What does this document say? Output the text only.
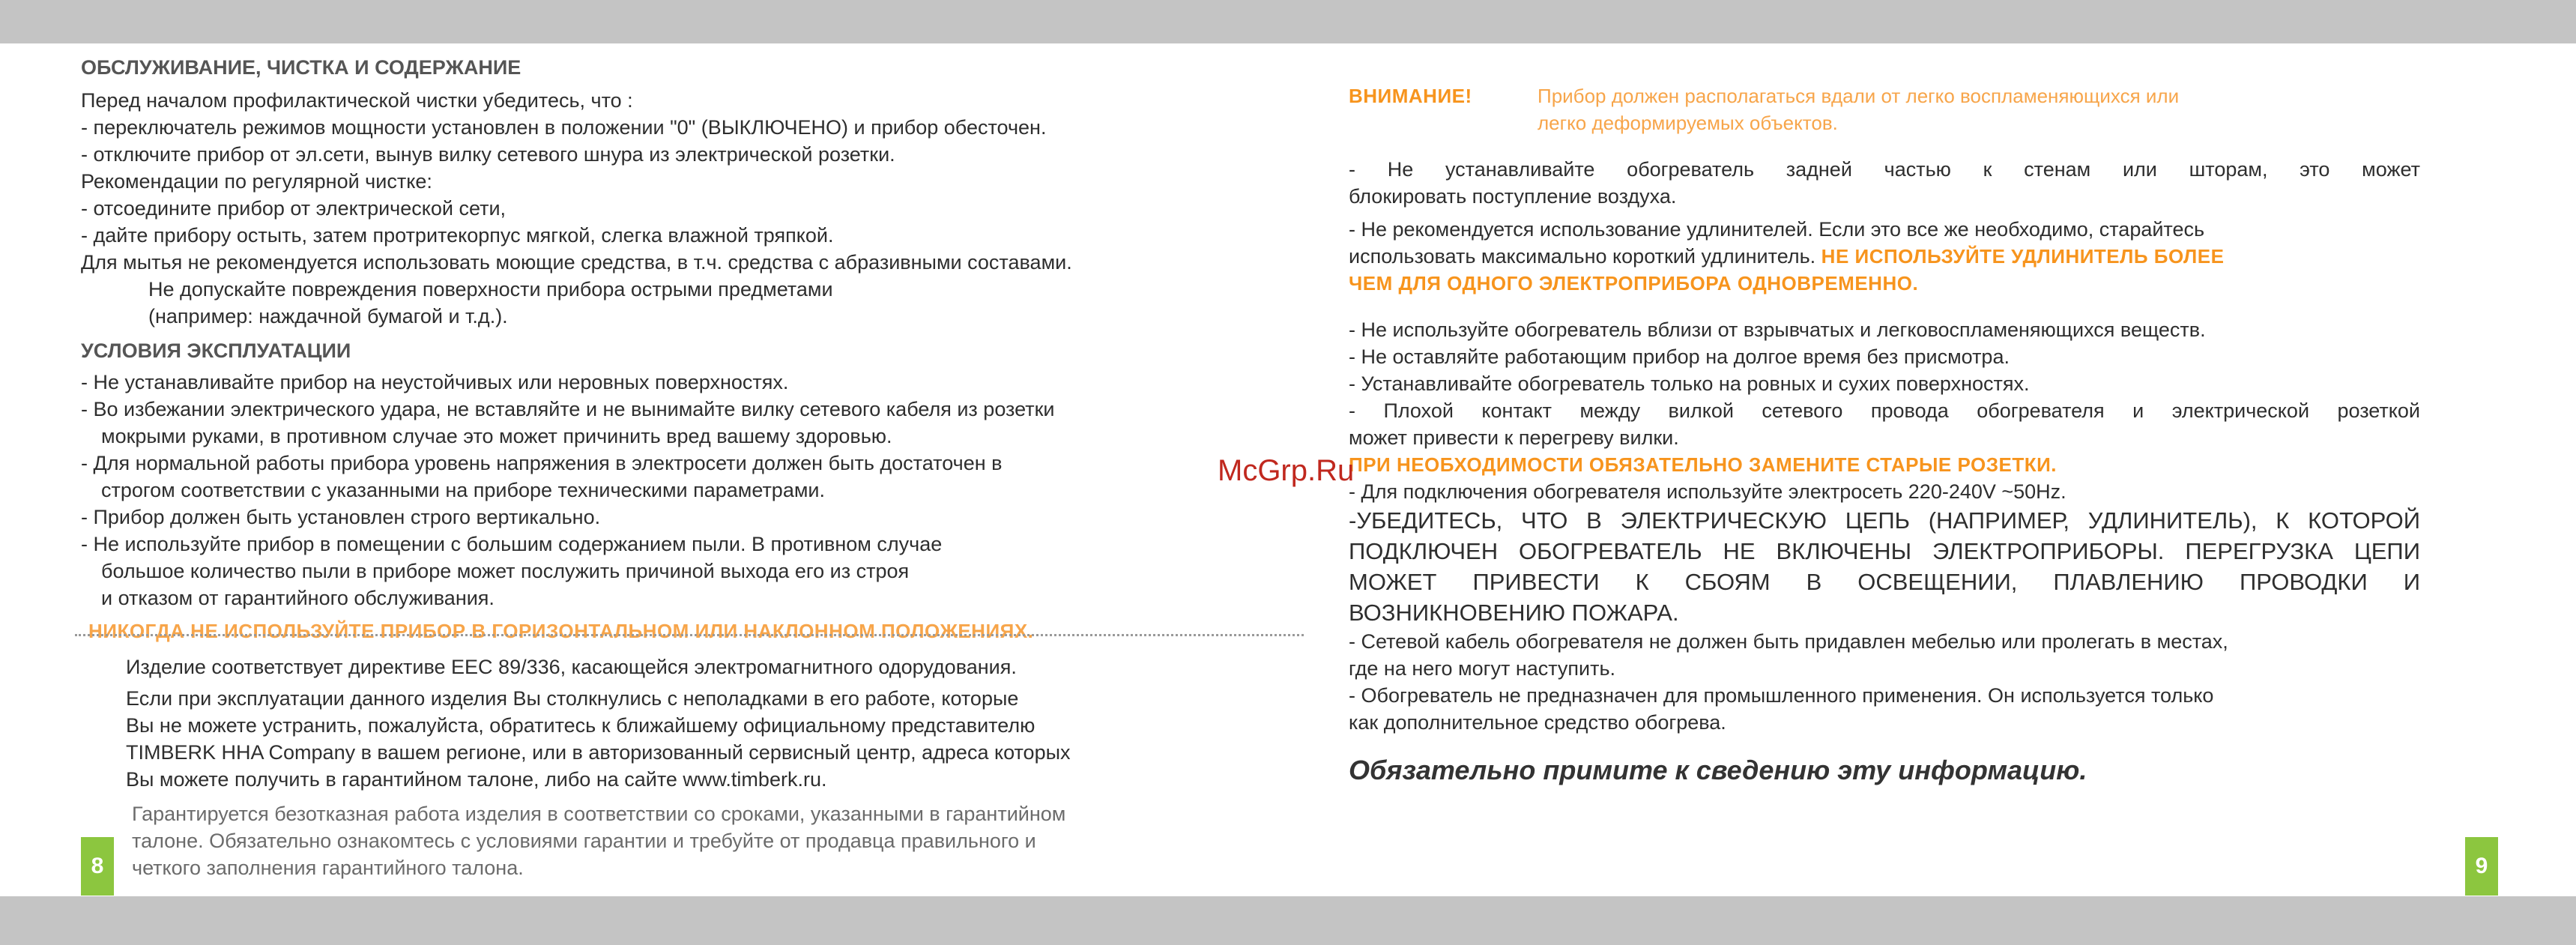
ОБСЛУЖИВАНИЕ, ЧИСТКА И СОДЕРЖАНИЕ

Перед началом профилактической чистки убедитесь, что :

- переключатель режимов мощности установлен в положении "0" (ВЫКЛЮЧЕНО) и прибор обесточен.

- отключите прибор от эл.сети, вынув вилку сетевого шнура из электрической розетки.

Рекомендации по регулярной чистке:

- отсоедините прибор от электрической сети,

- дайте прибору остыть, затем протритекорпус мягкой, слегка влажной тряпкой.

Для мытья не рекомендуется использовать моющие средства, в т.ч. средства с абразивными составами.

Не допускайте повреждения поверхности прибора острыми предметами

(например: наждачной бумагой и т.д.).

УСЛОВИЯ ЭКСПЛУАТАЦИИ

- Не устанавливайте прибор на неустойчивых или неровных поверхностях.

- Во избежании электрического удара, не вставляйте и не вынимайте вилку сетевого кабеля из розетки

мокрыми руками, в противном случае это может причинить вред вашему здоровью.

- Для нормальной работы прибора уровень напряжения в электросети должен быть достаточен в

строгом соответствии с указанными на приборе техническими параметрами.

- Прибор должен быть установлен строго вертикально.

- Не используйте прибор в помещении с большим содержанием пыли. В противном случае

большое количество пыли в приборе может послужить причиной выхода его из строя

и отказом от гарантийного обслуживания.

НИКОГДА НЕ ИСПОЛЬЗУЙТЕ ПРИБОР В ГОРИЗОНТАЛЬНОМ ИЛИ НАКЛОННОМ ПОЛОЖЕНИЯХ.

Изделие соответствует директиве ЕЕС 89/336, касающейся электромагнитного одорудования.

Если при эксплуатации данного изделия Вы столкнулись с неполадками в его работе, которые

Вы не можете устранить, пожалуйста, обратитесь к ближайшему официальному представителю

TIMBERK HHA Company в вашем регионе, или в авторизованный сервисный центр, адреса которых

Вы можете получить в гарантийном талоне, либо на сайте www.timberk.ru.

Гарантируется безотказная работа изделия в соответствии со сроками, указанными в гарантийном

талоне. Обязательно ознакомтесь с условиями гарантии и требуйте от продавца правильного и

четкого заполнения гарантийного талона.

8
ВНИМАНИЕ!	Прибор должен располагаться вдали от легко воспламеняющихся или

легко деформируемых объектов.

- Не устанавливайте обогреватель задней частью к стенам или шторам, это может

блокировать поступление воздуха.

- Не рекомендуется использование удлинителей. Если это все же необходимо, старайтесь

использовать максимально короткий удлинитель. НЕ ИСПОЛЬЗУЙТЕ УДЛИНИТЕЛЬ БОЛЕЕ

ЧЕМ ДЛЯ ОДНОГО ЭЛЕКТРОПРИБОРА ОДНОВРЕМЕННО.

- Не используйте обогреватель вблизи от взрывчатых и легковоспламеняющихся веществ.

- Не оставляйте работающим прибор на долгое время без присмотра.

- Устанавливайте обогреватель только на ровных и сухих поверхностях.

- Плохой контакт между вилкой сетевого провода обогревателя и электрической розеткой

может привести к перегреву вилки.

ПРИ НЕОБХОДИМОСТИ ОБЯЗАТЕЛЬНО ЗАМЕНИТЕ СТАРЫЕ РОЗЕТКИ.

- Для подключения обогревателя используйте электросеть 220-240V ~50Hz.

-УБЕДИТЕСЬ, ЧТО В ЭЛЕКТРИЧЕСКУЮ ЦЕПЬ (НАПРИМЕР, УДЛИНИТЕЛЬ), К КОТОРОЙ

ПОДКЛЮЧЕН ОБОГРЕВАТЕЛЬ НЕ ВКЛЮЧЕНЫ ЭЛЕКТРОПРИБОРЫ. ПЕРЕГРУЗКА ЦЕПИ

МОЖЕТ ПРИВЕСТИ К СБОЯМ В ОСВЕЩЕНИИ, ПЛАВЛЕНИЮ ПРОВОДКИ И

ВОЗНИКНОВЕНИЮ ПОЖАРА.

- Сетевой кабель обогревателя не должен быть придавлен мебелью или пролегать в местах,

где на него могут наступить.

- Обогреватель не предназначен для промышленного применения. Он используется только

как дополнительное средство обогрева.

Обязательно примите к сведению эту информацию.

9
McGrp.Ru
